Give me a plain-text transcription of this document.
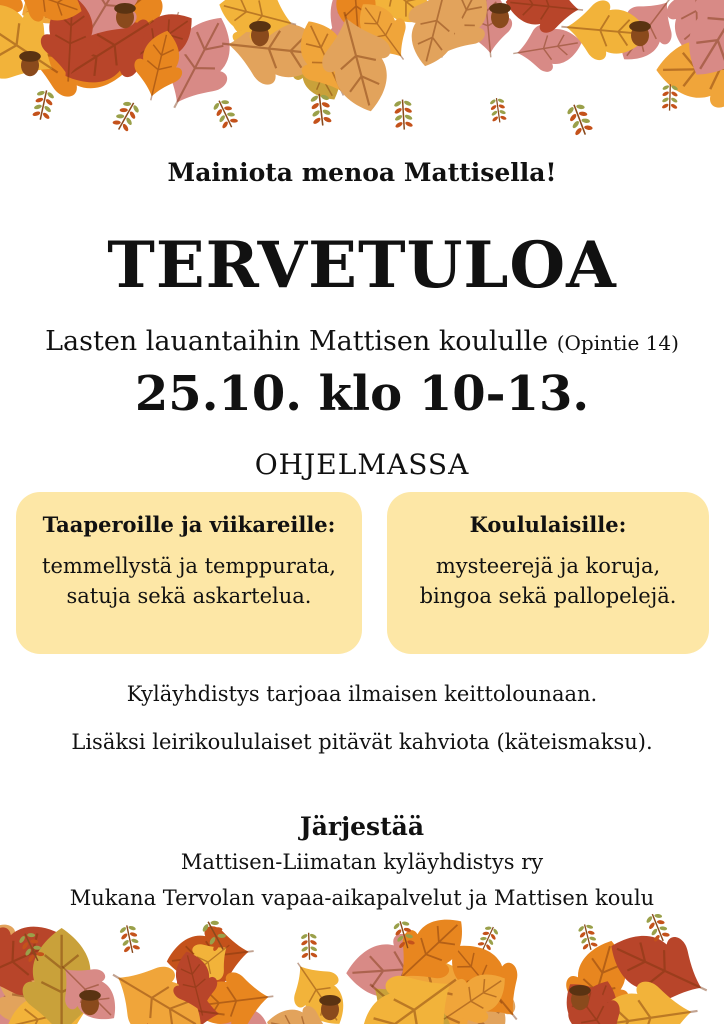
Mainiota menoa Mattisella!
TERVETULOA
Lasten lauantaihin Mattisen koululle (Opintie 14)
25.10. klo 10-13.
OHJELMASSA
Taaperoille ja viikareille:
temmellystä ja temppurata,
satuja sekä askartelua.
Koululaisille:
mysteerejä ja koruja,
bingoa sekä pallopelejä.
Kyläyhdistys tarjoaa ilmaisen keittolounaan.
Lisäksi leirikoululaiset pitävät kahviota (käteismaksu).
Järjestää
Mattisen-Liimatan kyläyhdistys ry
Mukana Tervolan vapaa-aikapalvelut ja Mattisen koulu
